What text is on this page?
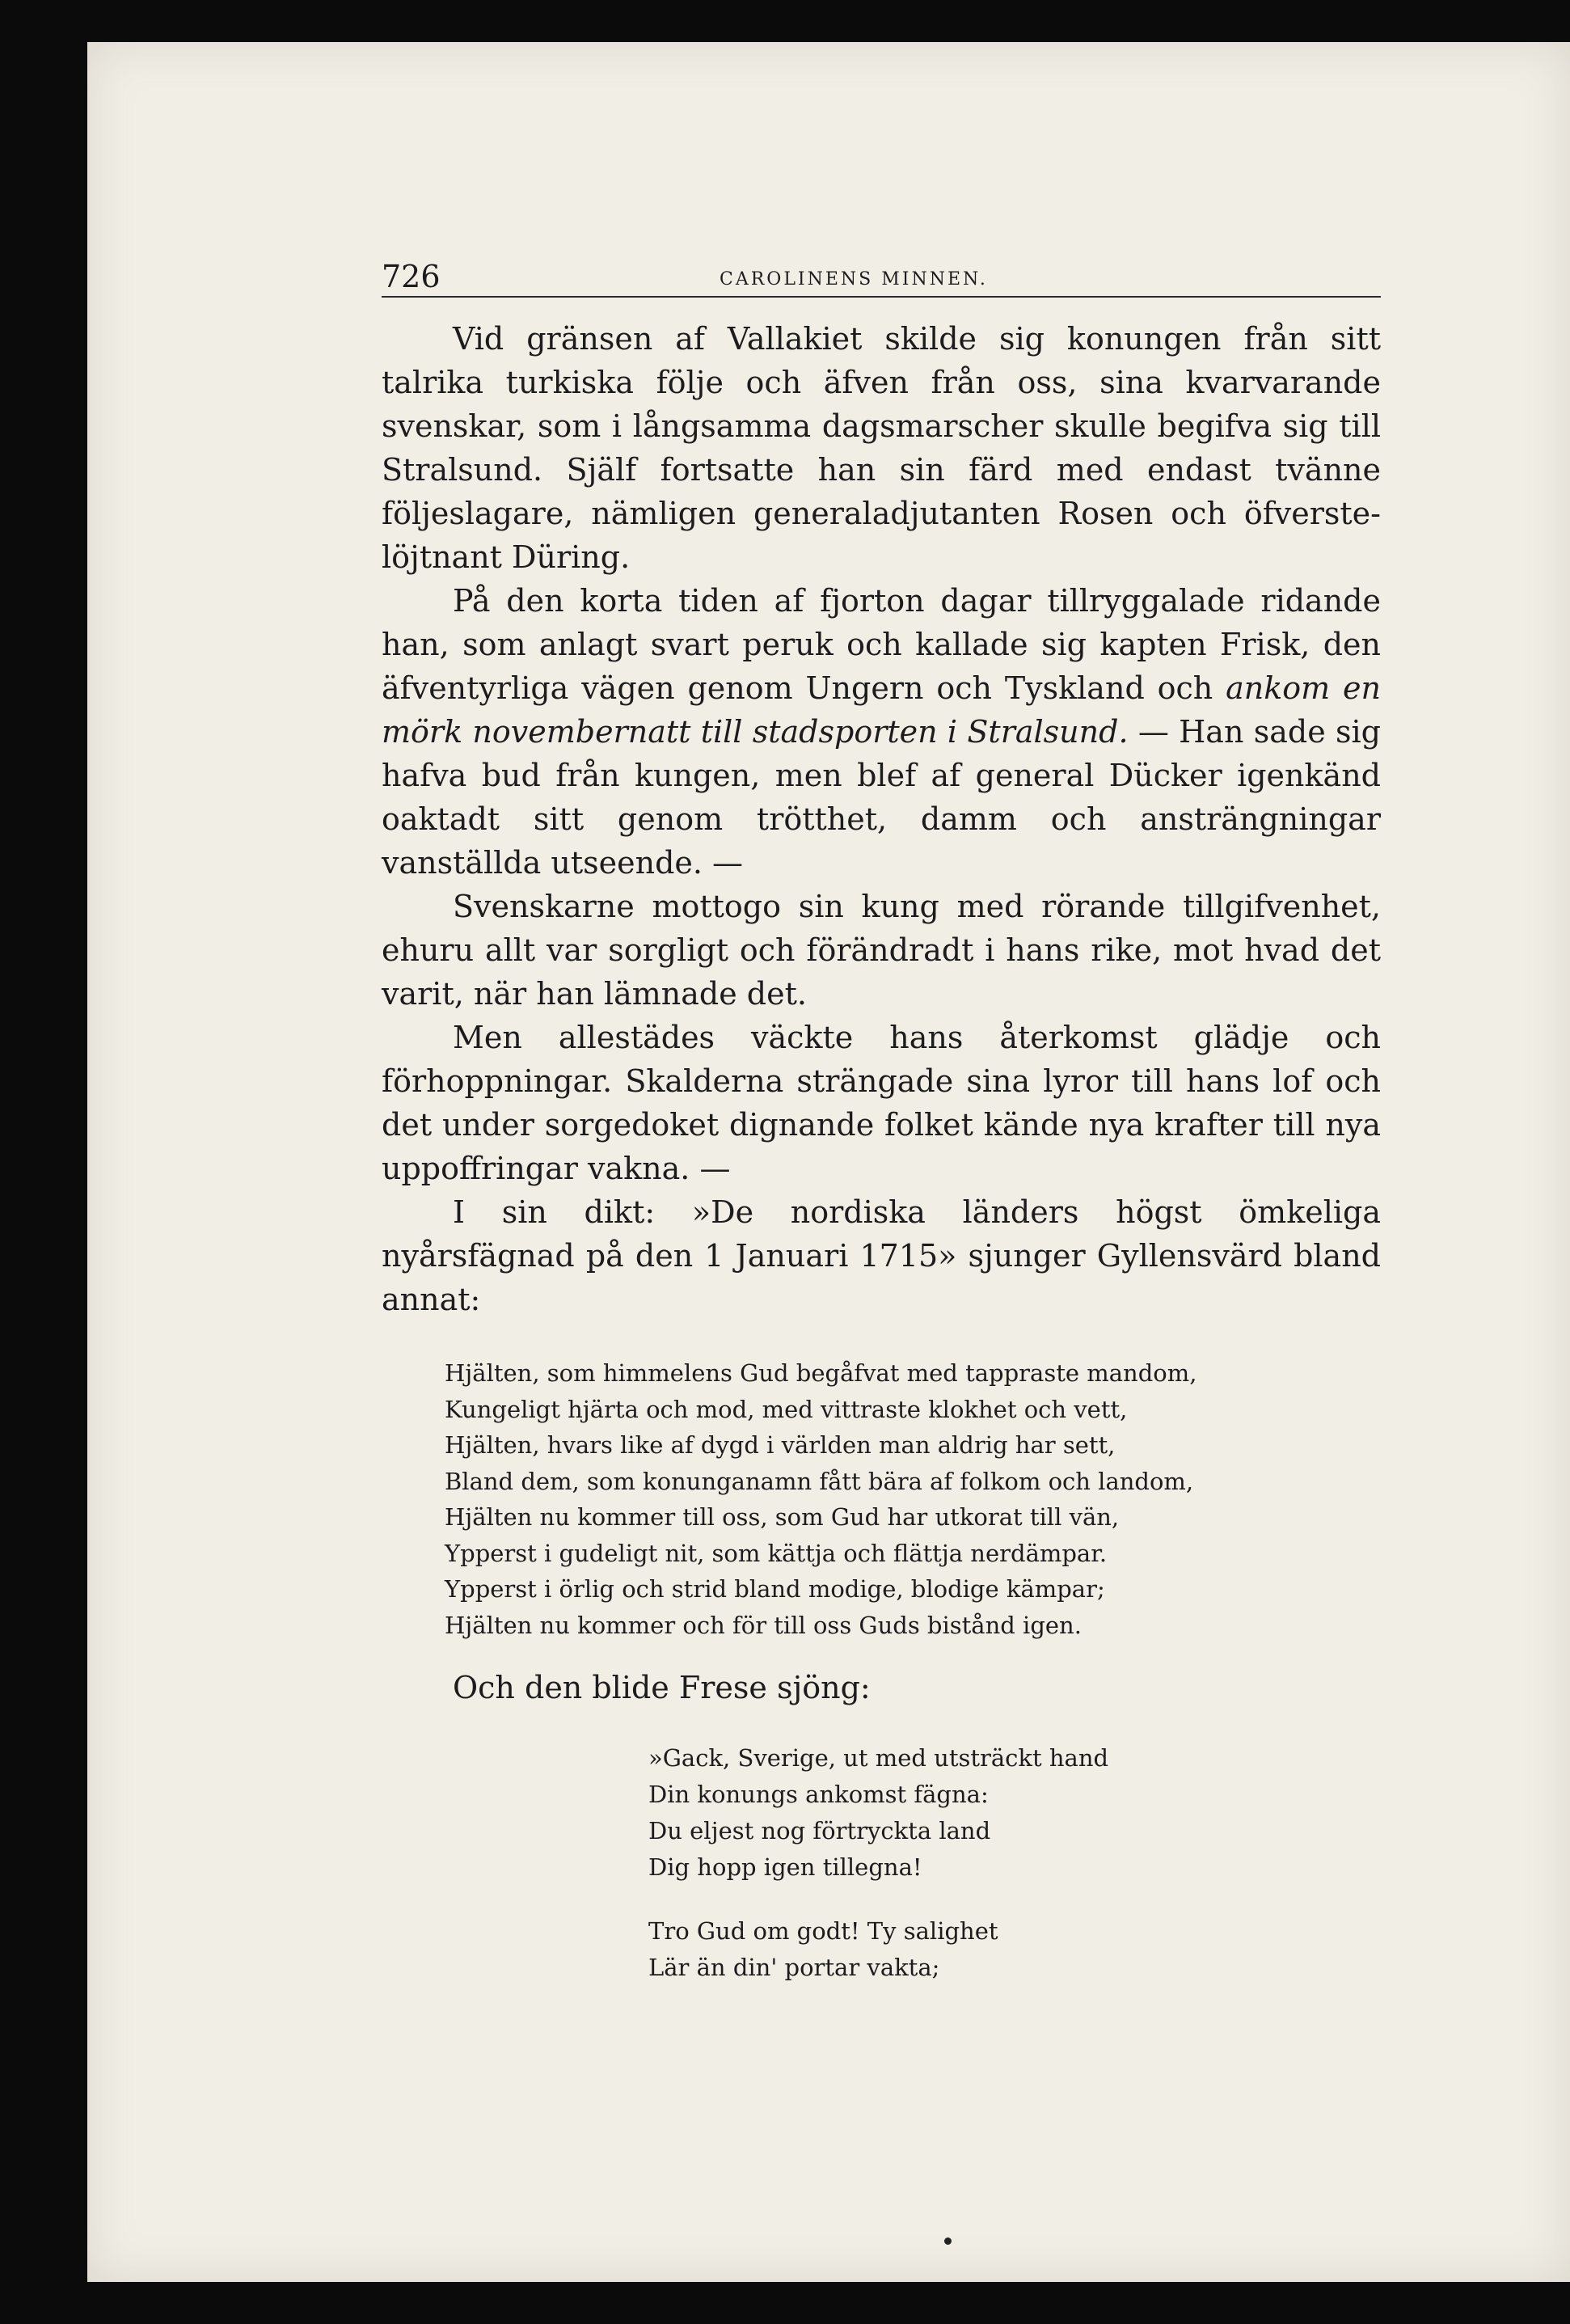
726	CAROLINENS MINNEN.

Vid gränsen af Vallakiet skilde sig konungen från sitt talrika turkiska följe och äfven från oss, sina kvarvarande svenskar, som i långsamma dagsmarscher skulle begifva sig till Stralsund. Själf fortsatte han sin färd med endast tvänne följeslagare, nämligen generaladjutanten Rosen och öfverste-löjtnant Düring.

På den korta tiden af fjorton dagar tillryggalade ridande han, som anlagt svart peruk och kallade sig kapten Frisk, den äfventyrliga vägen genom Ungern och Tyskland och ankom en mörk novembernatt till stadsporten i Stralsund. — Han sade sig hafva bud från kungen, men blef af general Dücker igenkänd oaktadt sitt genom trötthet, damm och ansträngningar vanställda utseende. —

Svenskarne mottogo sin kung med rörande tillgifvenhet, ehuru allt var sorgligt och förändradt i hans rike, mot hvad det varit, när han lämnade det.

Men allestädes väckte hans återkomst glädje och förhoppningar. Skalderna strängade sina lyror till hans lof och det under sorgedoket dignande folket kände nya krafter till nya uppoffringar vakna. —

I sin dikt: »De nordiska länders högst ömkeliga nyårsfägnad på den 1 Januari 1715» sjunger Gyllensvärd bland annat:

Hjälten, som himmelens Gud begåfvat med tappraste mandom,
Kungeligt hjärta och mod, med vittraste klokhet och vett,
Hjälten, hvars like af dygd i världen man aldrig har sett,
Bland dem, som konunganamn fått bära af folkom och landom,
Hjälten nu kommer till oss, som Gud har utkorat till vän,
Ypperst i gudeligt nit, som kättja och flättja nerdämpar.
Ypperst i örlig och strid bland modige, blodige kämpar;
Hjälten nu kommer och för till oss Guds bistånd igen.

Och den blide Frese sjöng:

»Gack, Sverige, ut med utsträckt hand
Din konungs ankomst fägna:
Du eljest nog förtryckta land
Dig hopp igen tillegna!
Tro Gud om godt! Ty salighet
Lär än din' portar vakta;
